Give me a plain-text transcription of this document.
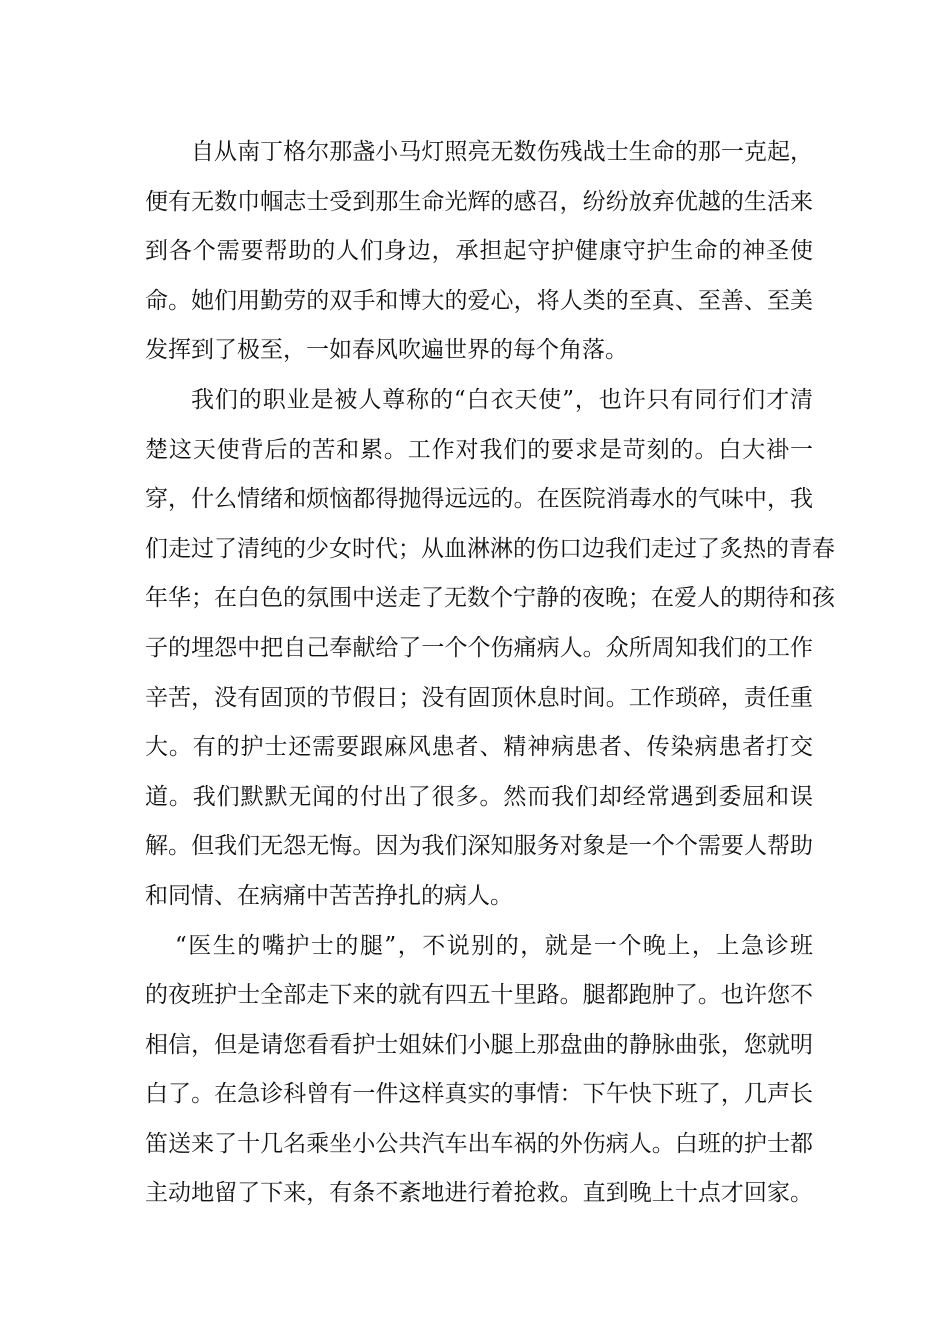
自从南丁格尔那盏小马灯照亮无数伤残战士生命的那一克起，
便有无数巾帼志士受到那生命光辉的感召，纷纷放弃优越的生活来
到各个需要帮助的人们身边，承担起守护健康守护生命的神圣使
命。她们用勤劳的双手和博大的爱心，将人类的至真、至善、至美
发挥到了极至，一如春风吹遍世界的每个角落。
我们的职业是被人尊称的“白衣天使”，也许只有同行们才清
楚这天使背后的苦和累。工作对我们的要求是苛刻的。白大褂一
穿，什么情绪和烦恼都得抛得远远的。在医院消毒水的气味中，我
们走过了清纯的少女时代；从血淋淋的伤口边我们走过了炙热的青春
年华；在白色的氛围中送走了无数个宁静的夜晚；在爱人的期待和孩
子的埋怨中把自己奉献给了一个个伤痛病人。众所周知我们的工作
辛苦，没有固顶的节假日；没有固顶休息时间。工作琐碎，责任重
大。有的护士还需要跟麻风患者、精神病患者、传染病患者打交
道。我们默默无闻的付出了很多。然而我们却经常遇到委屈和误
解。但我们无怨无悔。因为我们深知服务对象是一个个需要人帮助
和同情、在病痛中苦苦挣扎的病人。
“医生的嘴护士的腿”，不说别的，就是一个晚上，上急诊班
的夜班护士全部走下来的就有四五十里路。腿都跑肿了。也许您不
相信，但是请您看看护士姐妹们小腿上那盘曲的静脉曲张，您就明
白了。在急诊科曾有一件这样真实的事情：下午快下班了，几声长
笛送来了十几名乘坐小公共汽车出车祸的外伤病人。白班的护士都
主动地留了下来，有条不紊地进行着抢救。直到晚上十点才回家。
